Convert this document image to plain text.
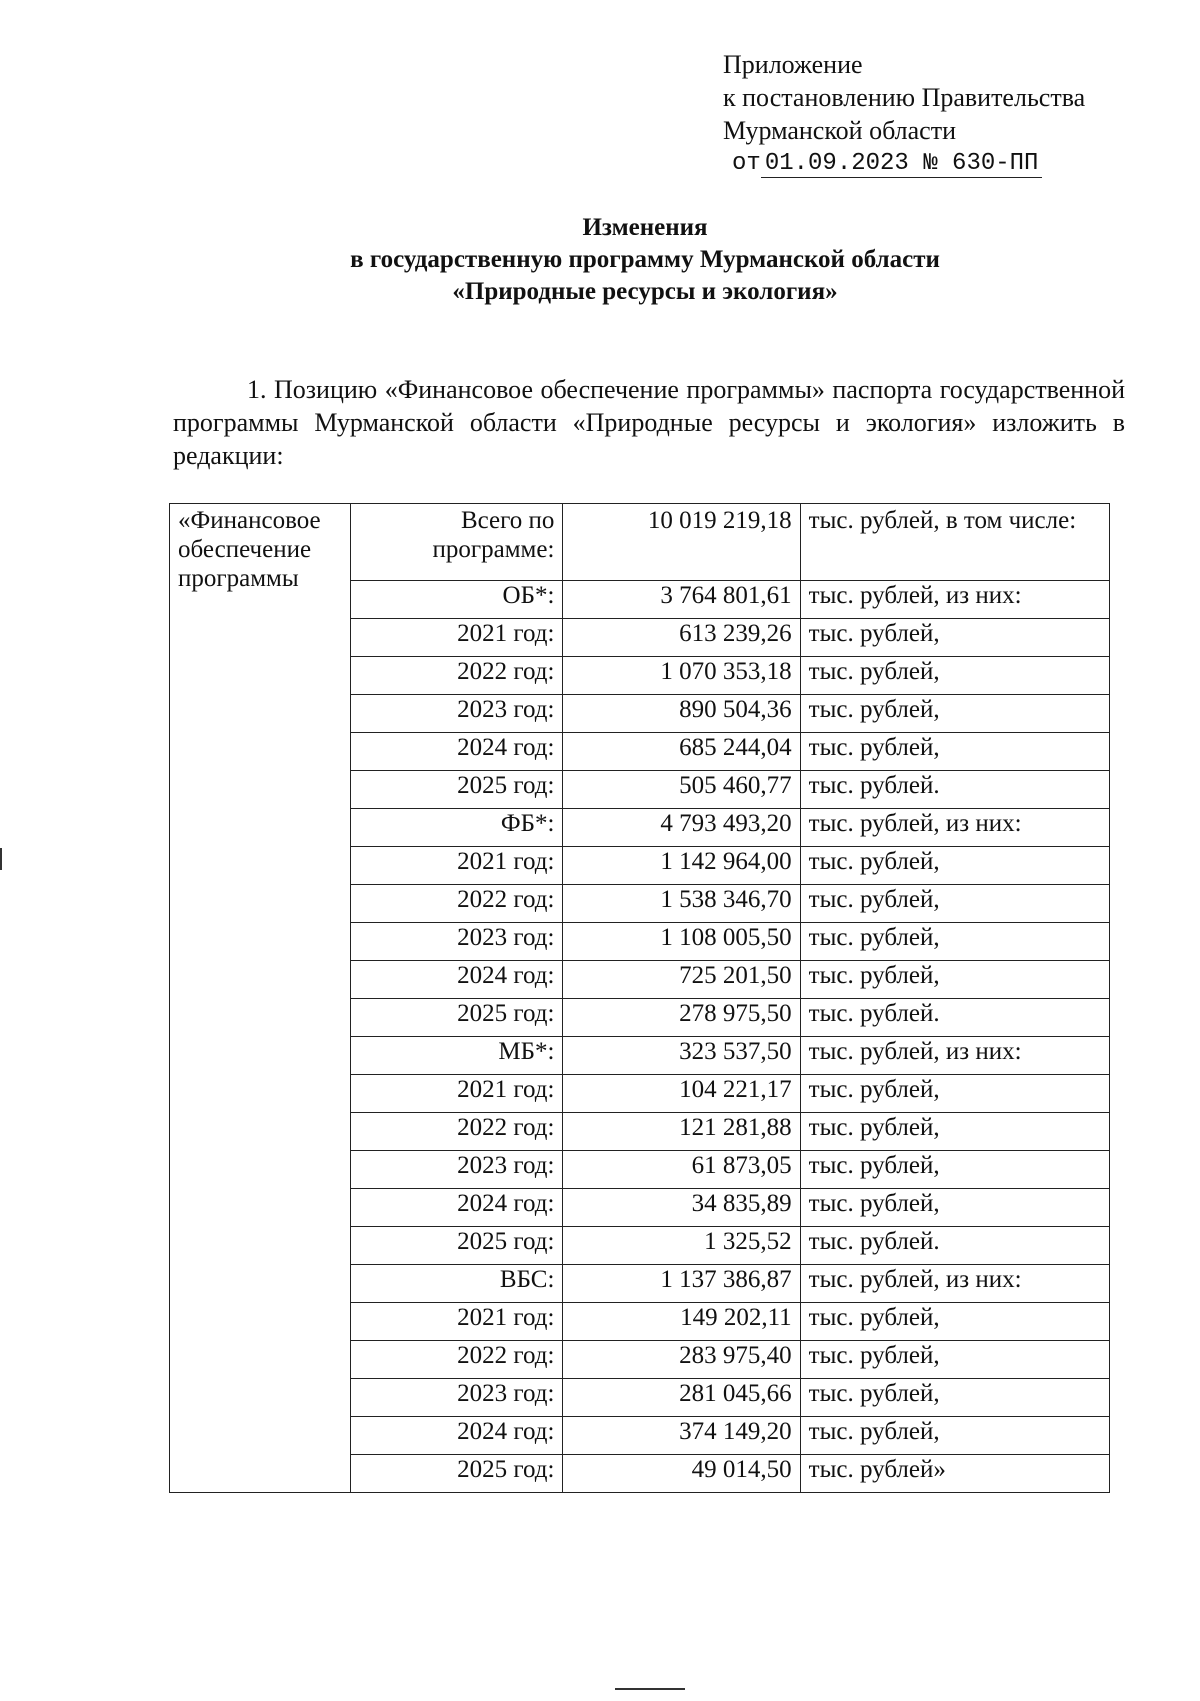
Приложение
к постановлению Правительства
Мурманской области
от 01.09.2023 № 630-ПП
Изменения
в государственную программу Мурманской области
«Природные ресурсы и экология»
1. Позицию «Финансовое обеспечение программы» паспорта государственной программы Мурманской области «Природные ресурсы и экология» изложить в редакции:
«Финансовое обеспечение программы	Всего по программе:	10 019 219,18	тыс. рублей, в том числе:
	ОБ*:	3 764 801,61	тыс. рублей, из них:
	2021 год:	613 239,26	тыс. рублей,
	2022 год:	1 070 353,18	тыс. рублей,
	2023 год:	890 504,36	тыс. рублей,
	2024 год:	685 244,04	тыс. рублей,
	2025 год:	505 460,77	тыс. рублей.
	ФБ*:	4 793 493,20	тыс. рублей, из них:
	2021 год:	1 142 964,00	тыс. рублей,
	2022 год:	1 538 346,70	тыс. рублей,
	2023 год:	1 108 005,50	тыс. рублей,
	2024 год:	725 201,50	тыс. рублей,
	2025 год:	278 975,50	тыс. рублей.
	МБ*:	323 537,50	тыс. рублей, из них:
	2021 год:	104 221,17	тыс. рублей,
	2022 год:	121 281,88	тыс. рублей,
	2023 год:	61 873,05	тыс. рублей,
	2024 год:	34 835,89	тыс. рублей,
	2025 год:	1 325,52	тыс. рублей.
	ВБС:	1 137 386,87	тыс. рублей, из них:
	2021 год:	149 202,11	тыс. рублей,
	2022 год:	283 975,40	тыс. рублей,
	2023 год:	281 045,66	тыс. рублей,
	2024 год:	374 149,20	тыс. рублей,
	2025 год:	49 014,50	тыс. рублей»
